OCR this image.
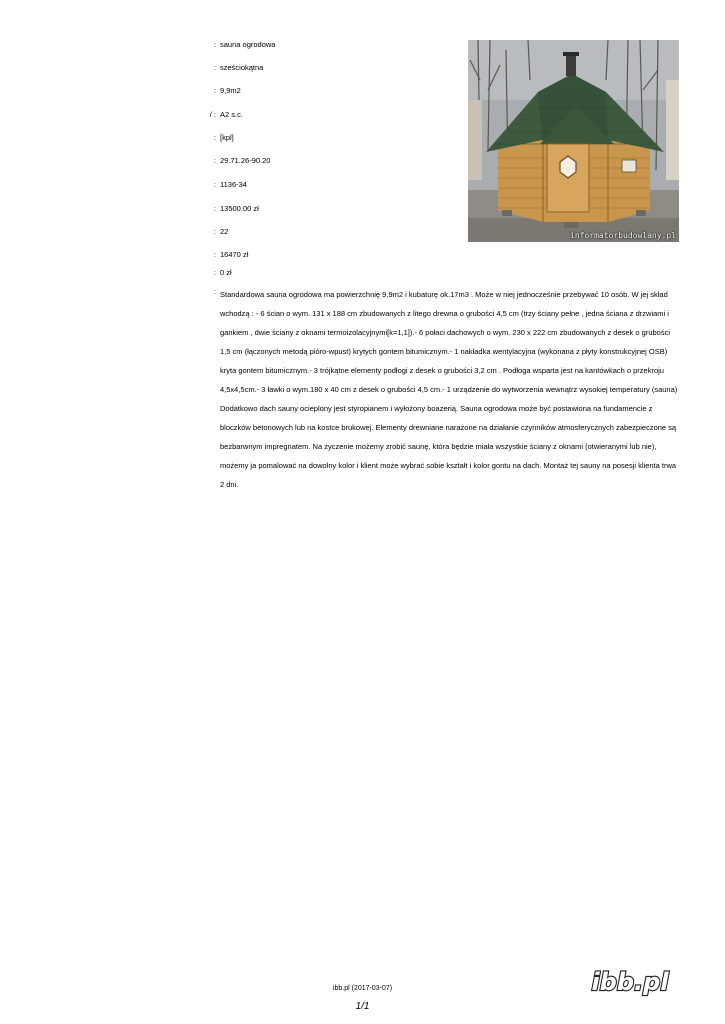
: sauna ogrodowa
: sześciokątna
: 9,9m2
/ : A2 s.c.
: [kpl]
: 29.71.26-90.20
: 1136-34
: 13500.00 zł
: 22
: 16470 zł
: 0 zł
: Standardowa sauna ogrodowa ma powierzchnię 9,9m2 i kubaturę ok.17m3 . Może w niej jednocześnie przebywać 10 osób. W jej skład wchodzą : - 6 ścian o wym. 131 x 188 cm zbudowanych z litego drewna o grubości 4,5 cm (trzy ściany pełne , jedna ściana z drzwiami i gankiem , dwie ściany z oknami termoizolacyjnymi[k=1,1]).- 6 połaci dachowych o wym. 230 x 222 cm zbudowanych z desek o grubości 1,5 cm (łączonych metodą pióro-wpust) krytych gontem bitumicznym.- 1 nakładka wentylacyjna (wykonana z płyty konstrukcyjnej OSB) kryta gontem bitumicznym.- 3 trójkątne elementy podłogi z desek o grubości 3,2 cm . Podłoga wsparta jest na kantówkach o przekroju 4,5x4,5cm.- 3 ławki o wym.180 x 40 cm z desek o grubości 4,5 cm.- 1 urządzenie do wytworzenia wewnątrz wysokiej temperatury (sauna) Dodatkowo dach sauny ocieplony jest styropianem i wyłożony boazerią. Sauna ogrodowa może być postawiona na fundamencie z bloczków betonowych lub na kostce brukowej. Elementy drewniane narażone na działanie czynników atmosferycznych zabezpieczone są bezbarwnym impregnatem. Na życzenie możemy zrobić saunę, która będzie miała wszystkie ściany z oknami (otwieranymi lub nie), możemy ja pomalować na dowolny kolor i klient może wybrać sobie kształt i kolor gontu na dach. Montaż tej sauny na posesji klienta trwa 2 dni.
informatorbudowlany.pl
ibb.pl (2017-03-07)
1/1
ibb.pl
